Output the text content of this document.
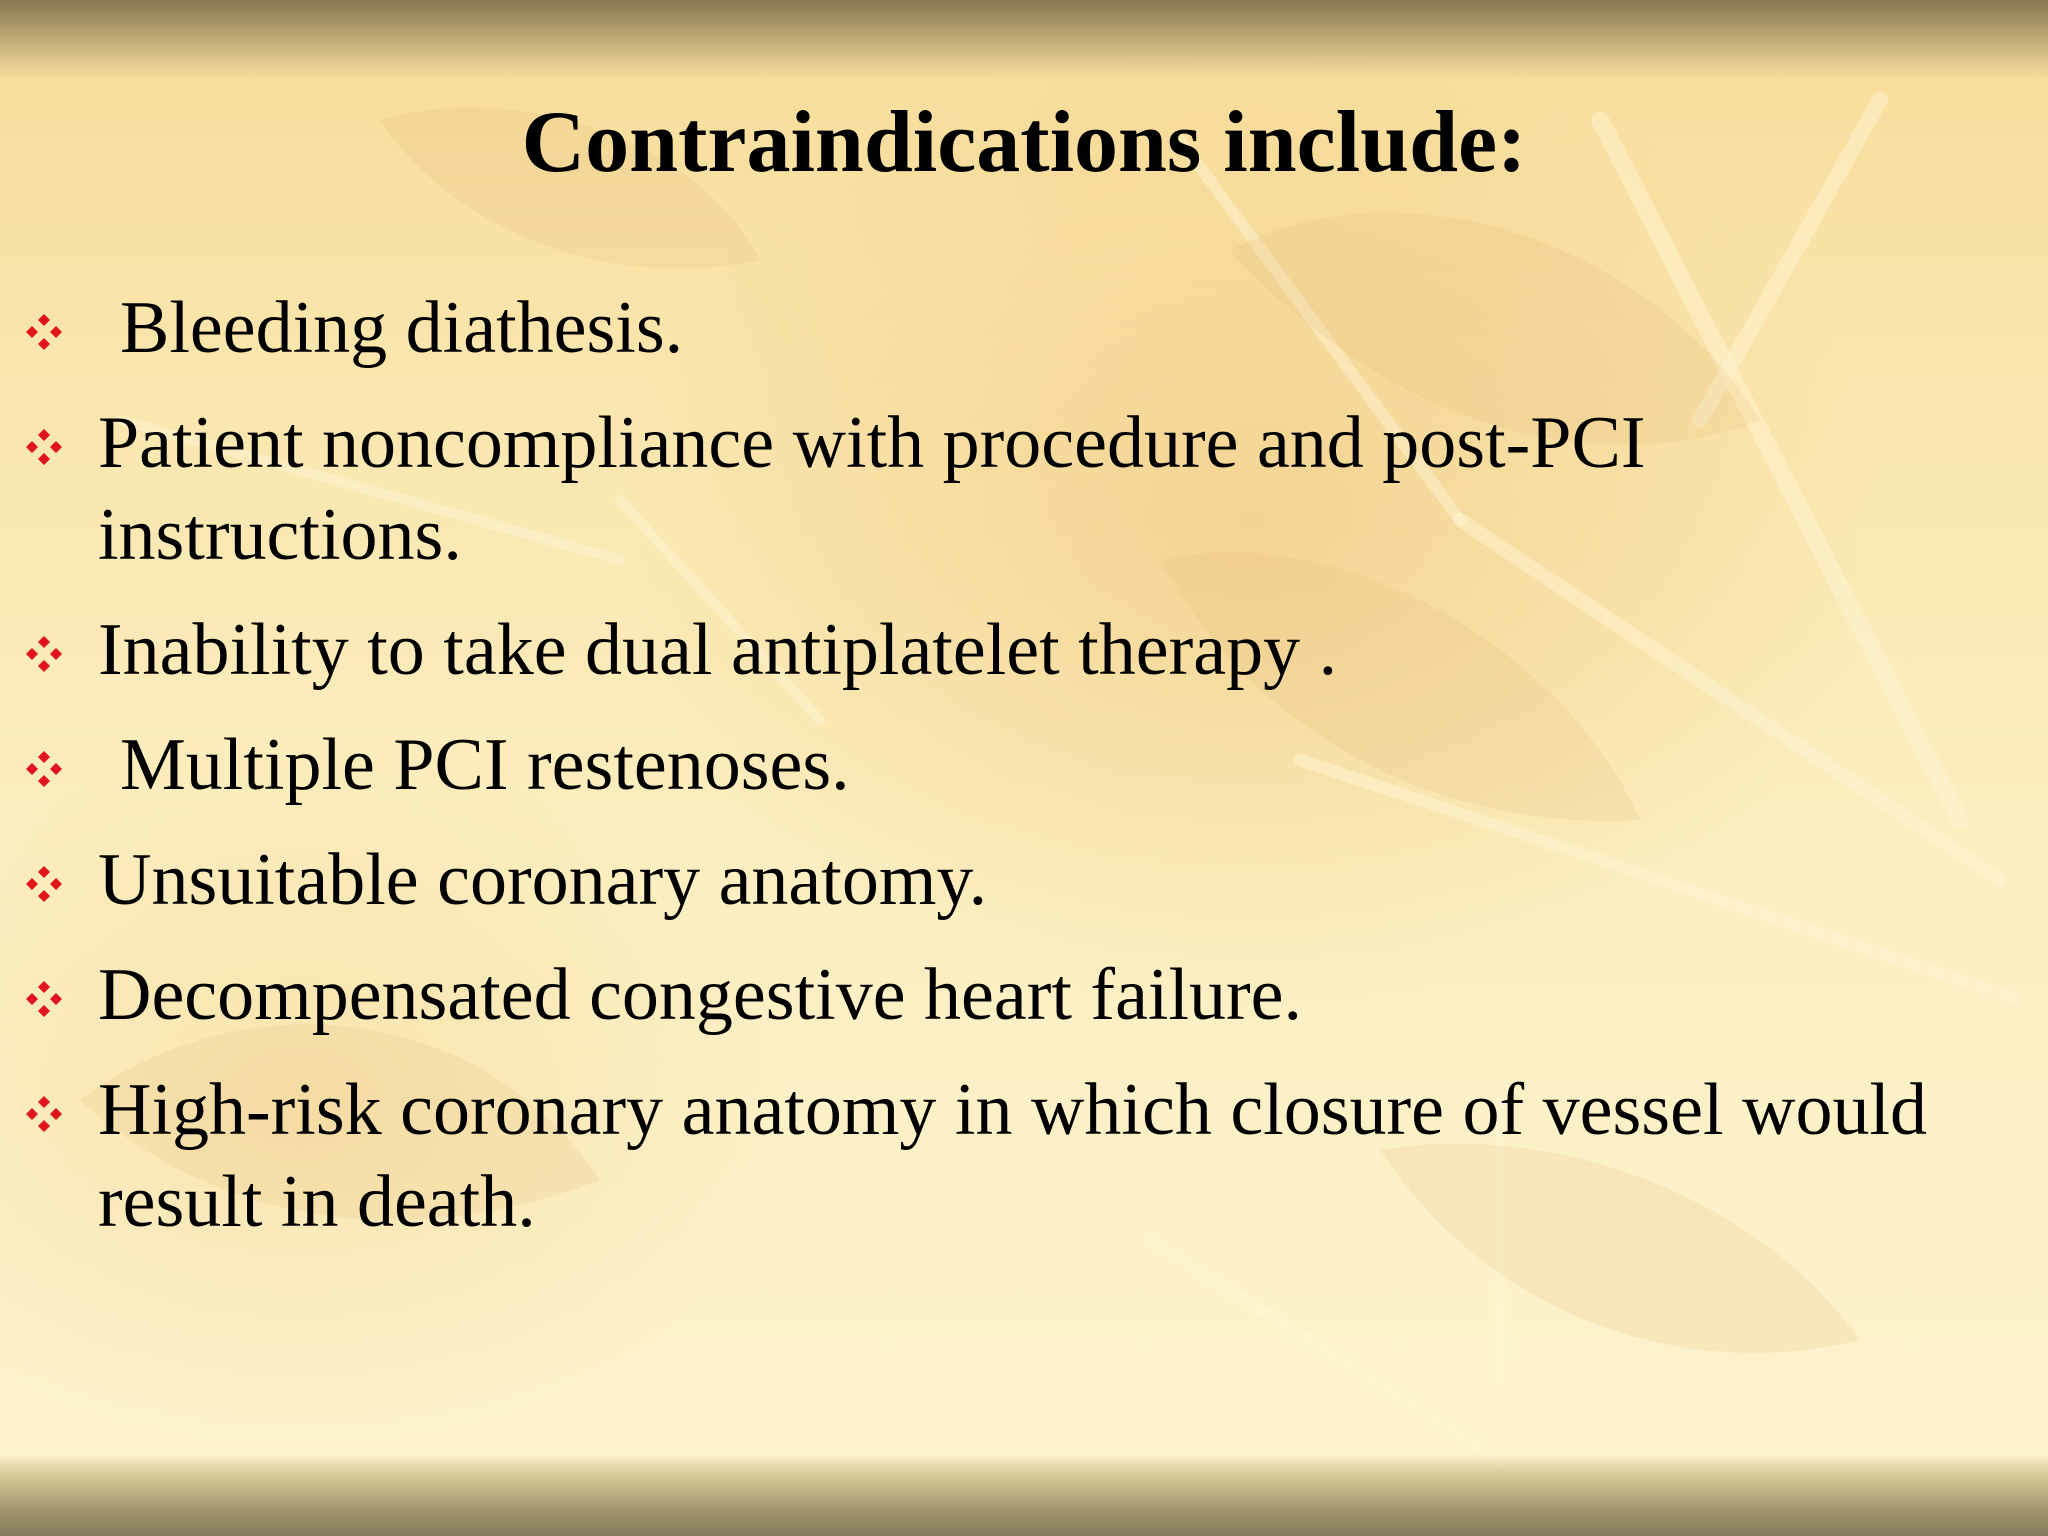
Contraindications include:
Bleeding diathesis.
Patient noncompliance with procedure and post-PCI instructions.
Inability to take dual antiplatelet therapy .
Multiple PCI restenoses.
Unsuitable coronary anatomy.
Decompensated congestive heart failure.
High-risk coronary anatomy in which closure of vessel would result in death.
